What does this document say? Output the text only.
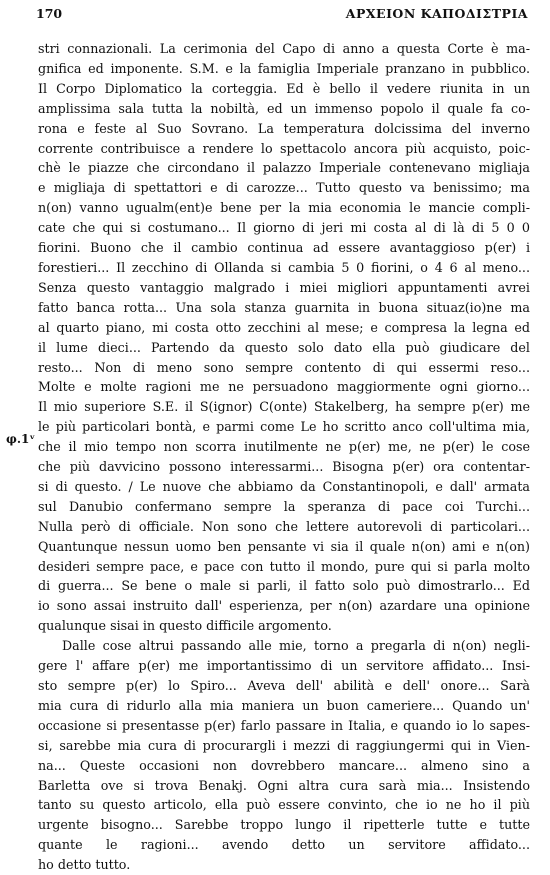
170	ΑΡΧΕΙΟΝ ΚΑΠΟΔΙΣΤΡΙΑ
φ.1ᵛ
stri connazionali. La cerimonia del Capo di anno a questa Corte è ma-
gnifica ed imponente. S.M. e la famiglia Imperiale pranzano in pubblico.
Il Corpo Diplomatico la corteggia. Ed è bello il vedere riunita in un
amplissima sala tutta la nobiltà, ed un immenso popolo il quale fa co-
rona e feste al Suo Sovrano. La temperatura dolcissima del inverno
corrente contribuisce a rendere lo spettacolo ancora più acquisto, poic-
chè le piazze che circondano il palazzo Imperiale contenevano migliaja
e migliaja di spettattori e di carozze... Tutto questo va benissimo; ma
n(on) vanno ugualm(ent)e bene per la mia economia le mancie compli-
cate che qui si costumano... Il giorno di jeri mi costa al di là di 5 0 0
fiorini. Buono che il cambio continua ad essere avantaggioso p(er) i
forestieri... Il zecchino di Ollanda si cambia 5 0 fiorini, o 4 6 al meno...
Senza questo vantaggio malgrado i miei migliori appuntamenti avrei
fatto banca rotta... Una sola stanza guarnita in buona situaz(io)ne ma
al quarto piano, mi costa otto zecchini al mese; e compresa la legna ed
il lume dieci... Partendo da questo solo dato ella può giudicare del
resto... Non di meno sono sempre contento di qui essermi reso...
Molte e molte ragioni me ne persuadono maggiormente ogni giorno...
Il mio superiore S.E. il S(ignor) C(onte) Stakelberg, ha sempre p(er) me
le più particolari bontà, e parmi come Le ho scritto anco coll'ultima mia,
che il mio tempo non scorra inutilmente ne p(er) me, ne p(er) le cose
che più davvicino possono interessarmi... Bisogna p(er) ora contentar-
si di questo. / Le nuove che abbiamo da Constantinopoli, e dall' armata
sul Danubio confermano sempre la speranza di pace coi Turchi...
Nulla però di officiale. Non sono che lettere autorevoli di particolari...
Quantunque nessun uomo ben pensante vi sia il quale n(on) ami e n(on)
desideri sempre pace, e pace con tutto il mondo, pure qui si parla molto
di guerra... Se bene o male si parli, il fatto solo può dimostrarlo... Ed
io sono assai instruito dall' esperienza, per n(on) azardare una opinione
qualunque sisai in questo difficile argomento.
Dalle cose altrui passando alle mie, torno a pregarla di n(on) negli-
gere l' affare p(er) me importantissimo di un servitore affidato... Insi-
sto sempre p(er) lo Spiro... Aveva dell' abilità e dell' onore... Sarà
mia cura di ridurlo alla mia maniera un buon cameriere... Quando un'
occasione si presentasse p(er) farlo passare in Italia, e quando io lo sapes-
si, sarebbe mia cura di procurargli i mezzi di raggiungermi qui in Vien-
na... Queste occasioni non dovrebbero mancare... almeno sino a
Barletta ove si trova Benakj. Ogni altra cura sarà mia... Insistendo
tanto su questo articolo, ella può essere convinto, che io ne ho il più
urgente bisogno... Sarebbe troppo lungo il ripetterle tutte e tutte
quante le ragioni... avendo detto un servitore affidato...
ho detto tutto.
